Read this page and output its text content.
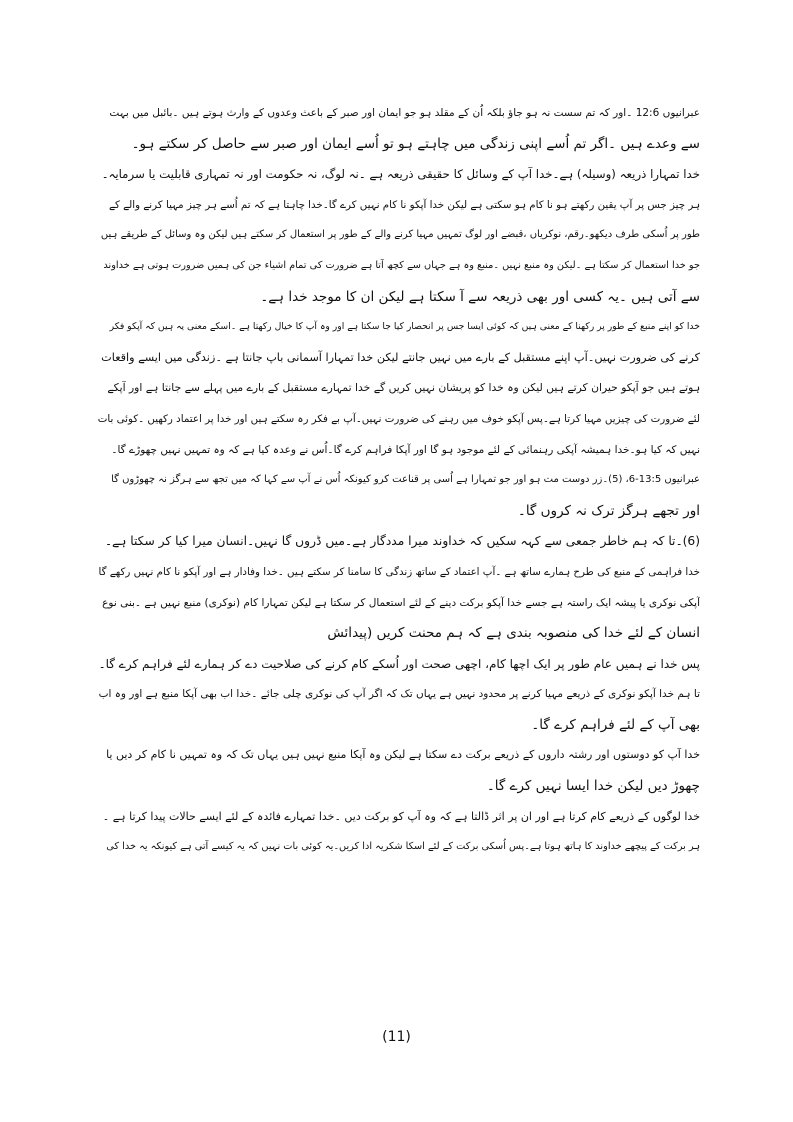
عبرانیوں 12:6 ۔اور کہ تم سست نہ ہو جاؤ بلکہ اُن کے مقلد ہو جو ایمان اور صبر کے باعث وعدوں کے وارث ہوتے ہیں ۔بائبل میں بہت
سے وعدے ہیں ۔اگر تم اُسے اپنی زندگی میں چاہتے ہو تو اُسے ایمان اور صبر سے حاصل کر سکتے ہو۔
خدا تمہارا ذریعہ (وسیلہ) ہے۔خدا آپ کے وسائل کا حقیقی ذریعہ ہے ۔نہ لوگ، نہ حکومت اور نہ تمہاری قابلیت یا سرمایہ۔
ہر چیز جس پر آپ یقین رکھتے ہو نا کام ہو سکتی ہے لیکن خدا آپکو نا کام نہیں کرے گا۔خدا چاہتا ہے کہ تم اُسے ہر چیز مہیا کرنے والے کے
طور پر اُسکی طرف دیکھو۔رقم، نوکریاں ،قبضے اور لوگ تمہیں مہیا کرنے والے کے طور پر استعمال کر سکتے ہیں لیکن وہ وسائل کے طریقے ہیں
جو خدا استعمال کر سکتا ہے ۔لیکن وہ منبع نہیں ۔منبع وہ ہے جہاں سے کچھ آتا ہے ضرورت کی تمام اشیاء جن کی ہمیں ضرورت ہوتی ہے خداوند
سے آتی ہیں ۔یہ کسی اور بھی ذریعہ سے آ سکتا ہے لیکن ان کا موجد خدا ہے۔
خدا کو اپنے منبع کے طور پر رکھنا کے معنی ہیں کہ کوئی ایسا جس پر انحصار کیا جا سکتا ہے اور وہ آپ کا خیال رکھتا ہے ۔اسکے معنی یہ ہیں کہ آپکو فکر
کرنے کی ضرورت نہیں۔آپ اپنے مستقبل کے بارے میں نہیں جانتے لیکن خدا تمہارا آسمانی باپ جانتا ہے ۔زندگی میں ایسے واقعات
ہوتے ہیں جو آپکو حیران کرتے ہیں لیکن وہ خدا کو پریشان نہیں کریں گے خدا تمہارے مستقبل کے بارے میں پہلے سے جانتا ہے اور آپکے
لئے ضرورت کی چیزیں مہیا کرتا ہے۔پس آپکو خوف میں رہنے کی ضرورت نہیں۔آپ بے فکر رہ سکتے ہیں اور خدا پر اعتماد رکھیں ۔کوئی بات
نہیں کہ کیا ہو۔خدا ہمیشہ آپکی رہنمائی کے لئے موجود ہو گا اور آپکا فراہم کرے گا۔اُس نے وعدہ کیا ہے کہ وہ تمہیں نہیں چھوڑے گا۔
عبرانیوں 13:5-6، (5)۔زر دوست مت ہو اور جو تمہارا ہے اُسی پر قناعت کرو کیونکہ اُس نے آپ سے کہا کہ میں تجھ سے ہرگز نہ چھوڑوں گا
اور تجھے ہرگز ترک نہ کروں گا۔
(6)۔تا کہ ہم خاطر جمعی سے کہہ سکیں کہ خداوند میرا مددگار ہے۔میں ڈروں گا نہیں۔انسان میرا کیا کر سکتا ہے۔
خدا فراہمی کے منبع کی طرح ہمارے ساتھ ہے ۔آپ اعتماد کے ساتھ زندگی کا سامنا کر سکتے ہیں ۔خدا وفادار ہے اور آپکو نا کام نہیں رکھے گا
آپکی نوکری یا پیشہ ایک راستہ ہے جسے خدا آپکو برکت دینے کے لئے استعمال کر سکتا ہے لیکن تمہارا کام (نوکری) منبع نہیں ہے ۔بنی نوع
انسان کے لئے خدا کی منصوبہ بندی ہے کہ ہم محنت کریں (پیدائش
پس خدا نے ہمیں عام طور پر ایک اچھا کام، اچھی صحت اور اُسکے کام کرنے کی صلاحیت دے کر ہمارے لئے فراہم کرے گا۔
تا ہم خدا آپکو نوکری کے ذریعے مہیا کرنے پر محدود نہیں ہے یہاں تک کہ اگر آپ کی نوکری چلی جائے ۔خدا اب بھی آپکا منبع ہے اور وہ اب
بھی آپ کے لئے فراہم کرے گا۔
خدا آپ کو دوستوں اور رشتہ داروں کے ذریعے برکت دے سکتا ہے لیکن وہ آپکا منبع نہیں ہیں یہاں تک کہ وہ تمہیں نا کام کر دیں یا
چھوڑ دیں لیکن خدا ایسا نہیں کرے گا۔
خدا لوگوں کے ذریعے کام کرتا ہے اور ان پر اثر ڈالتا ہے کہ وہ آپ کو برکت دیں ۔خدا تمہارے فائدہ کے لئے ایسے حالات پیدا کرتا ہے ۔
ہر برکت کے پیچھے خداوند کا ہاتھ ہوتا ہے۔پس اُسکی برکت کے لئے اسکا شکریہ ادا کریں۔یہ کوئی بات نہیں کہ یہ کیسے آتی ہے کیونکہ یہ خدا کی
(11)
